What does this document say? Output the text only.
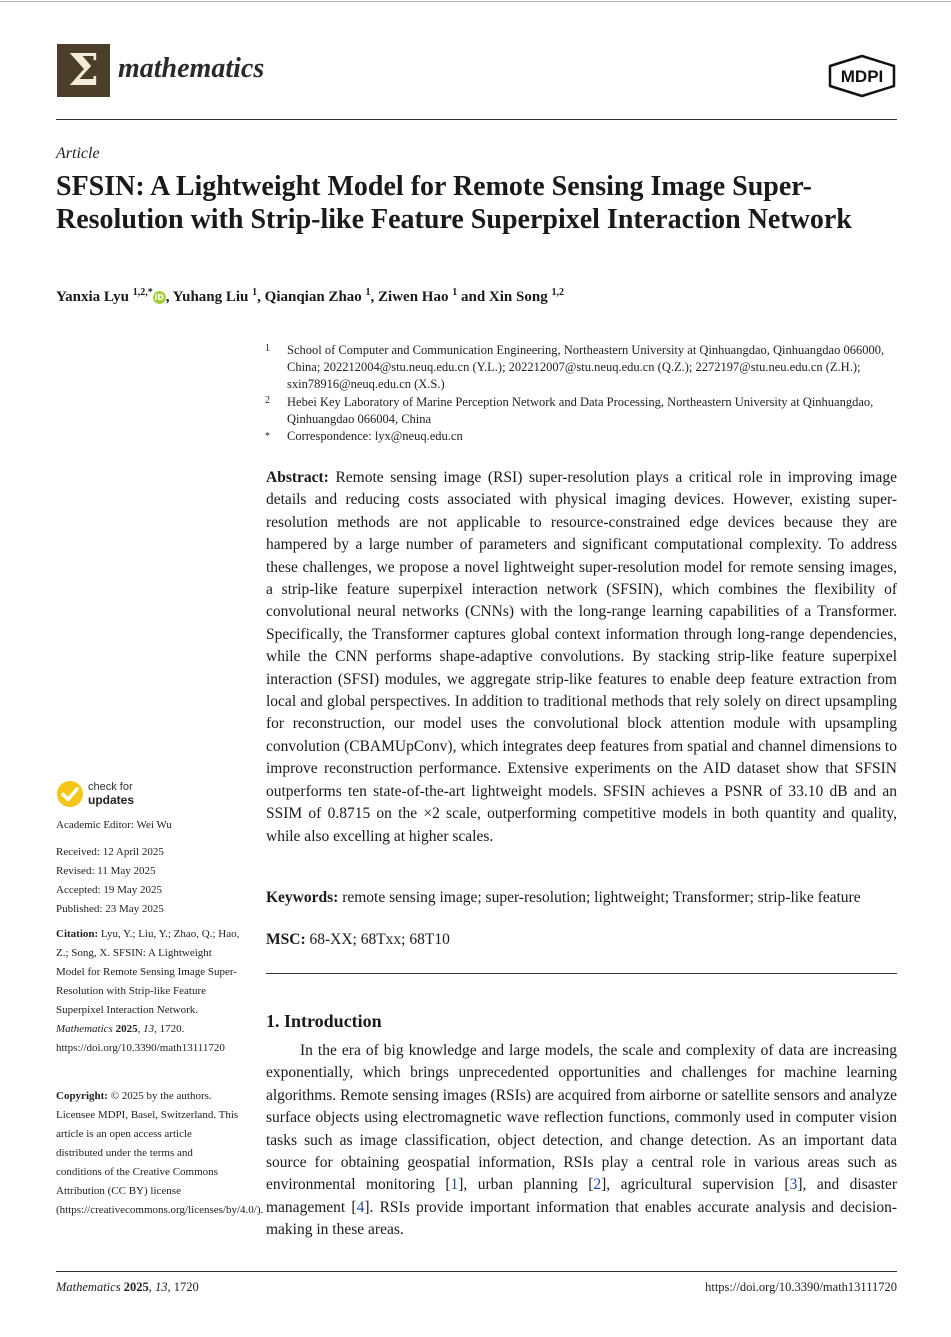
Σ mathematics	MDPI
Article
SFSIN: A Lightweight Model for Remote Sensing Image Super-Resolution with Strip-like Feature Superpixel Interaction Network
Yanxia Lyu $^{1,2,*}$ iD , Yuhang Liu $^1$, Qianqian Zhao $^1$, Ziwen Hao $^1$ and Xin Song $^{1,2}$
1 School of Computer and Communication Engineering, Northeastern University at Qinhuangdao, Qinhuangdao 066000, China; 202212004@stu.neuq.edu.cn (Y.L.); 202212007@stu.neuq.edu.cn (Q.Z.); 2272197@stu.neu.edu.cn (Z.H.); sxin78916@neuq.edu.cn (X.S.)
2 Hebei Key Laboratory of Marine Perception Network and Data Processing, Northeastern University at Qinhuangdao, Qinhuangdao 066004, China
* Correspondence: lyx@neuq.edu.cn

Abstract: Remote sensing image (RSI) super-resolution plays a critical role in improving image details and reducing costs associated with physical imaging devices. However, existing super-resolution methods are not applicable to resource-constrained edge devices because they are hampered by a large number of parameters and significant computational complexity. To address these challenges, we propose a novel lightweight super-resolution model for remote sensing images, a strip-like feature superpixel interaction network (SFSIN), which combines the flexibility of convolutional neural networks (CNNs) with the long-range learning capabilities of a Transformer. Specifically, the Transformer captures global context information through long-range dependencies, while the CNN performs shape-adaptive convolutions. By stacking strip-like feature superpixel interaction (SFSI) modules, we aggregate strip-like features to enable deep feature extraction from local and global perspectives. In addition to traditional methods that rely solely on direct upsampling for reconstruction, our model uses the convolutional block attention module with upsampling convolution (CBAMUpConv), which integrates deep features from spatial and channel dimensions to improve reconstruction performance. Extensive experiments on the AID dataset show that SFSIN outperforms ten state-of-the-art lightweight models. SFSIN achieves a PSNR of 33.10 dB and an SSIM of 0.8715 on the ×2 scale, outperforming competitive models in both quantity and quality, while also excelling at higher scales.

Keywords: remote sensing image; super-resolution; lightweight; Transformer; strip-like feature
MSC: 68-XX; 68Txx; 68T10
1. Introduction

In the era of big knowledge and large models, the scale and complexity of data are increasing exponentially, which brings unprecedented opportunities and challenges for machine learning algorithms. Remote sensing images (RSIs) are acquired from airborne or satellite sensors and analyze surface objects using electromagnetic wave reflection functions, commonly used in computer vision tasks such as image classification, object detection, and change detection. As an important data source for obtaining geospatial information, RSIs play a central role in various areas such as environmental monitoring [1], urban planning [2], agricultural supervision [3], and disaster management [4]. RSIs provide important information that enables accurate analysis and decision-making in these areas.

check for
updates

Academic Editor: Wei Wu

Received: 12 April 2025
Revised: 11 May 2025
Accepted: 19 May 2025
Published: 23 May 2025

Citation: Lyu, Y.; Liu, Y.; Zhao, Q.; Hao, Z.; Song, X. SFSIN: A Lightweight Model for Remote Sensing Image Super-Resolution with Strip-like Feature Superpixel Interaction Network. Mathematics 2025, 13, 1720. https://doi.org/10.3390/math13111720

Copyright: © 2025 by the authors. Licensee MDPI, Basel, Switzerland. This article is an open access article distributed under the terms and conditions of the Creative Commons Attribution (CC BY) license (https://creativecommons.org/licenses/by/4.0/).

Mathematics 2025, 13, 1720	https://doi.org/10.3390/math13111720
